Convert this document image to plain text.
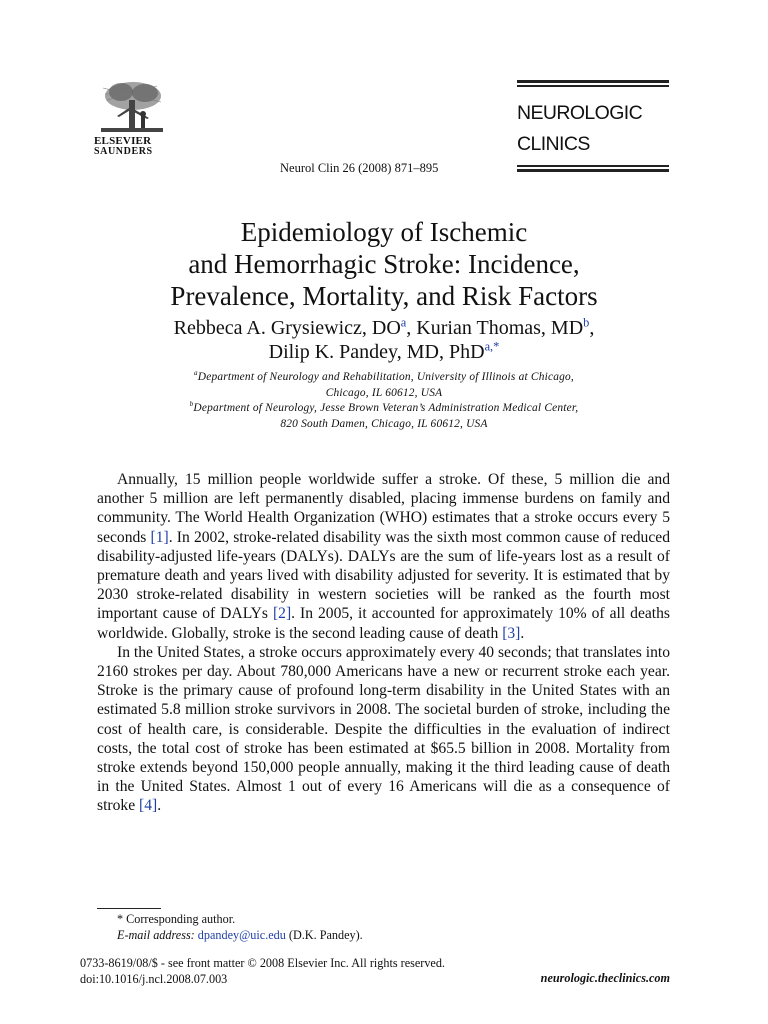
ELSEVIER
SAUNDERS
Neurol Clin 26 (2008) 871–895
NEUROLOGIC
CLINICS
Epidemiology of Ischemic
and Hemorrhagic Stroke: Incidence,
Prevalence, Mortality, and Risk Factors
Rebbeca A. Grysiewicz, $DO^a$, Kurian Thomas, $MD^b$,
Dilip K. Pandey, MD, PhD$^{a,*}$
$^a$Department of Neurology and Rehabilitation, University of Illinois at Chicago,
Chicago, IL 60612, USA
$^b$Department of Neurology, Jesse Brown Veteran’s Administration Medical Center,
820 South Damen, Chicago, IL 60612, USA

Annually, 15 million people worldwide suffer a stroke. Of these, 5 million die and another 5 million are left permanently disabled, placing immense burdens on family and community. The World Health Organization (WHO) estimates that a stroke occurs every 5 seconds [1]. In 2002, stroke-related disability was the sixth most common cause of reduced disability-adjusted life-years (DALYs). DALYs are the sum of life-years lost as a result of premature death and years lived with disability adjusted for severity. It is estimated that by 2030 stroke-related disability in western societies will be ranked as the fourth most important cause of DALYs [2]. In 2005, it accounted for approximately 10% of all deaths worldwide. Globally, stroke is the second leading cause of death [3].

In the United States, a stroke occurs approximately every 40 seconds; that translates into 2160 strokes per day. About 780,000 Americans have a new or recurrent stroke each year. Stroke is the primary cause of profound long-term disability in the United States with an estimated 5.8 million stroke survivors in 2008. The societal burden of stroke, including the cost of health care, is considerable. Despite the difficulties in the evaluation of indirect costs, the total cost of stroke has been estimated at $65.5 billion in 2008. Mortality from stroke extends beyond 150,000 people annually, making it the third leading cause of death in the United States. Almost 1 out of every 16 Americans will die as a consequence of stroke [4].

* Corresponding author.
E-mail address: dpandey@uic.edu (D.K. Pandey).
0733-8619/08/$ - see front matter © 2008 Elsevier Inc. All rights reserved.
doi:10.1016/j.ncl.2008.07.003	neurologic.theclinics.com
